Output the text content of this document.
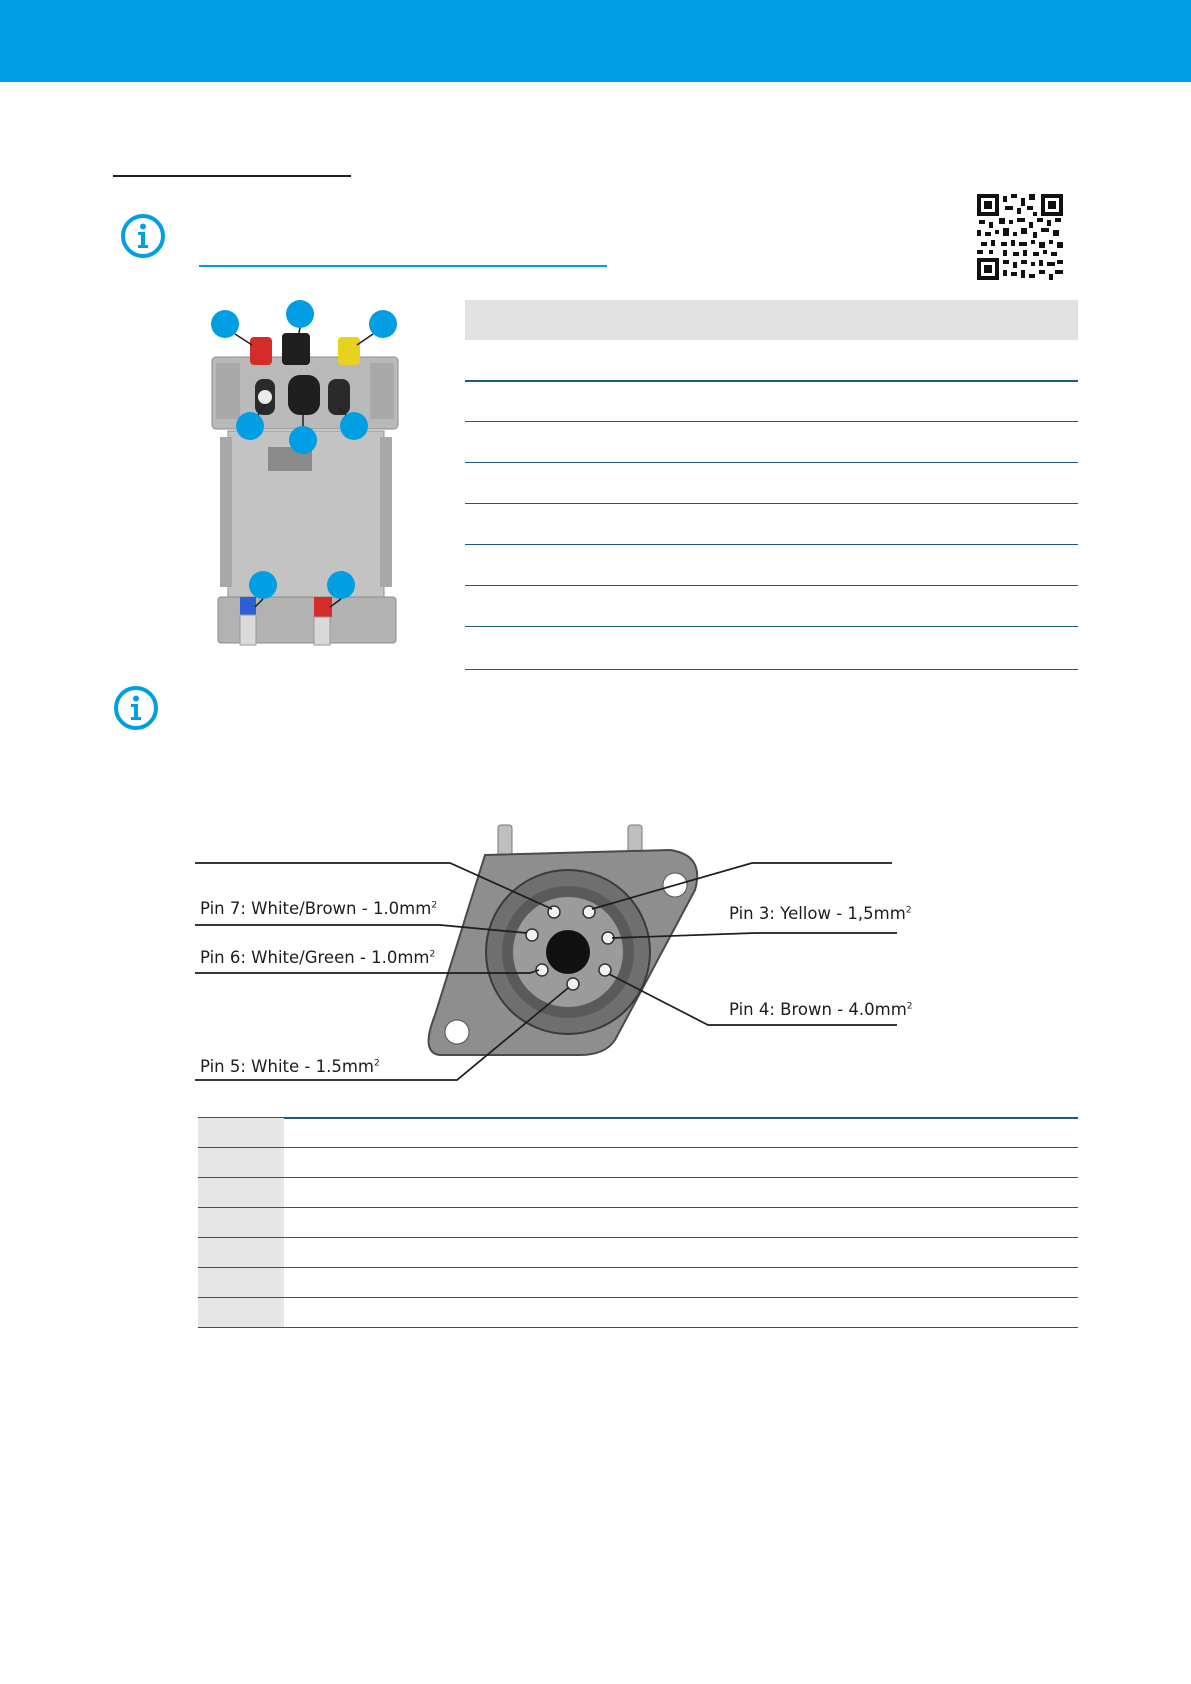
Pin 7: White/Brown - $1.0mm^2$
Pin 6: White/Green - $1.0mm^2$
Pin 5: White - $1.5mm^2$
Pin 3: Yellow - $1,5mm^2$
Pin 4: Brown - $4.0mm^2$
